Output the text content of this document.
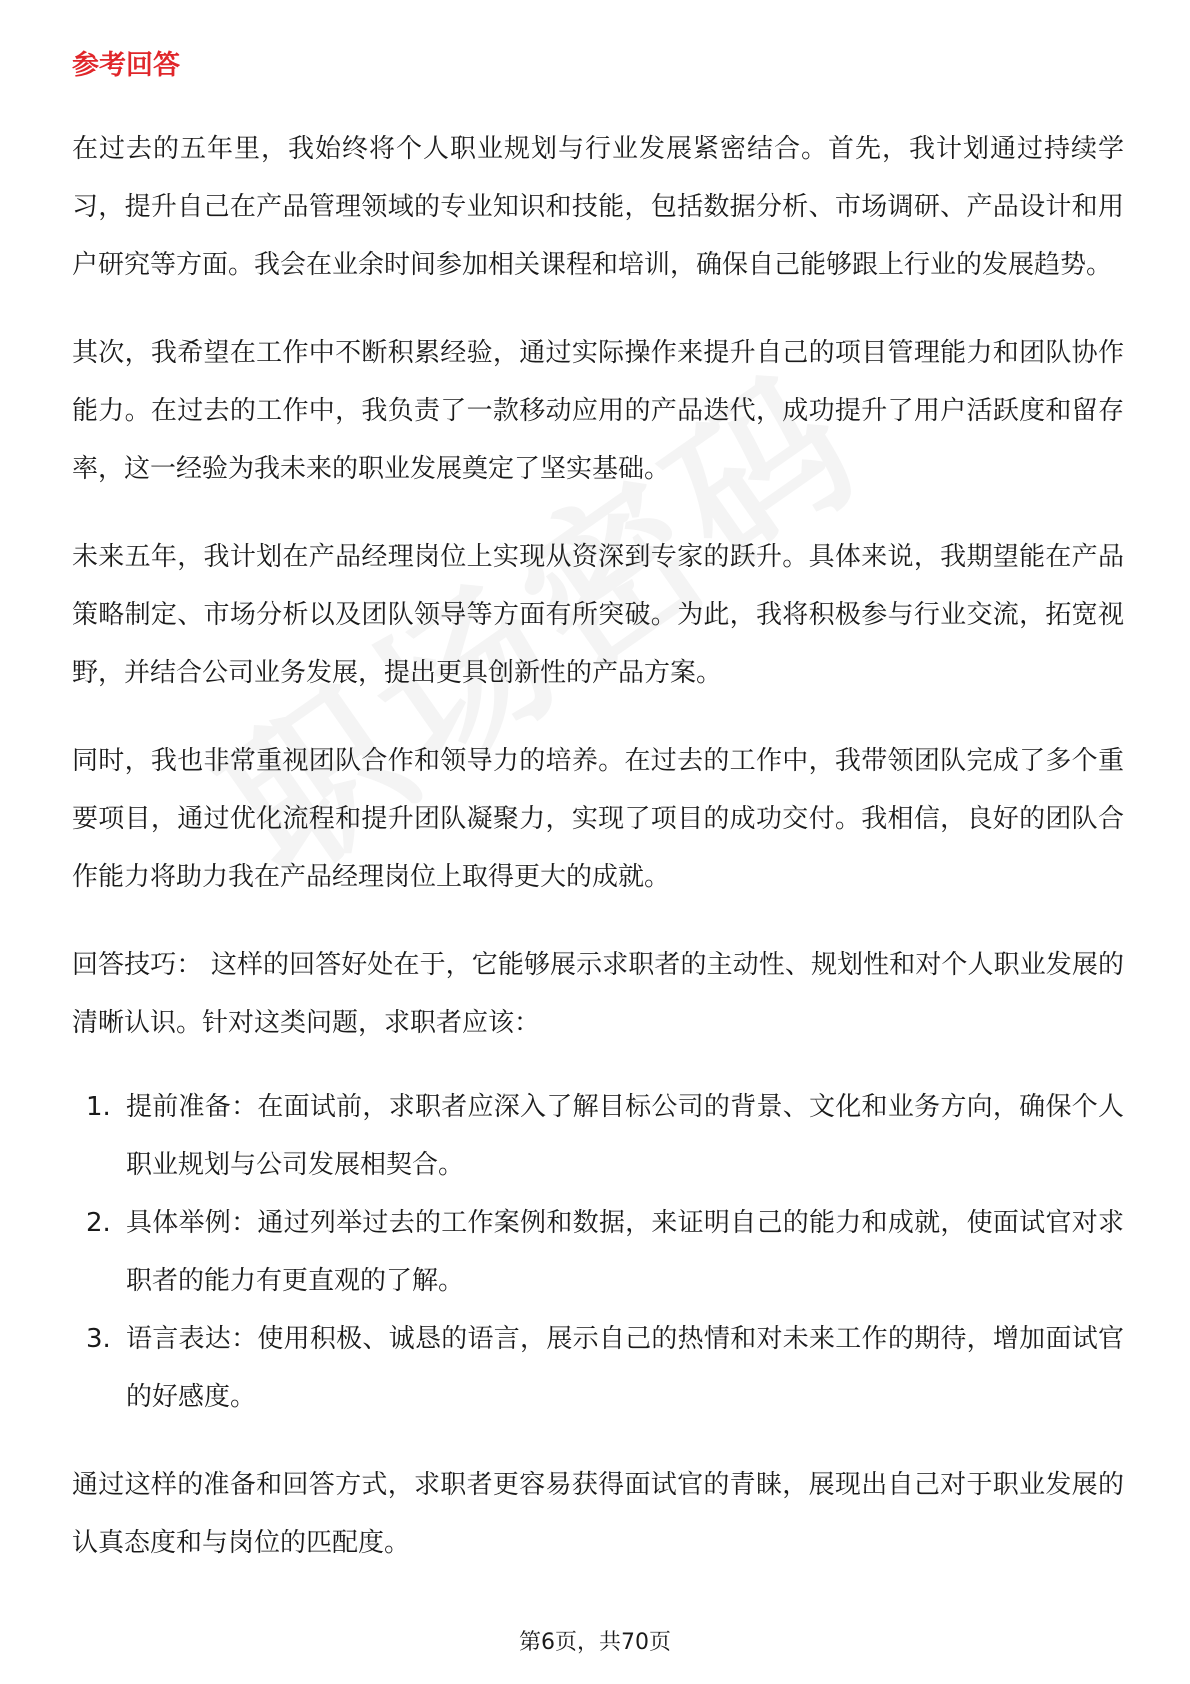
参考回答

在过去的五年里，我始终将个人职业规划与行业发展紧密结合。首先，我计划通过持续学习，提升自己在产品管理领域的专业知识和技能，包括数据分析、市场调研、产品设计和用户研究等方面。我会在业余时间参加相关课程和培训，确保自己能够跟上行业的发展趋势。

其次，我希望在工作中不断积累经验，通过实际操作来提升自己的项目管理能力和团队协作能力。在过去的工作中，我负责了一款移动应用的产品迭代，成功提升了用户活跃度和留存率，这一经验为我未来的职业发展奠定了坚实基础。

未来五年，我计划在产品经理岗位上实现从资深到专家的跃升。具体来说，我期望能在产品策略制定、市场分析以及团队领导等方面有所突破。为此，我将积极参与行业交流，拓宽视野，并结合公司业务发展，提出更具创新性的产品方案。

同时，我也非常重视团队合作和领导力的培养。在过去的工作中，我带领团队完成了多个重要项目，通过优化流程和提升团队凝聚力，实现了项目的成功交付。我相信，良好的团队合作能力将助力我在产品经理岗位上取得更大的成就。

回答技巧： 这样的回答好处在于，它能够展示求职者的主动性、规划性和对个人职业发展的清晰认识。针对这类问题，求职者应该：

1. 提前准备：在面试前，求职者应深入了解目标公司的背景、文化和业务方向，确保个人职业规划与公司发展相契合。
2. 具体举例：通过列举过去的工作案例和数据，来证明自己的能力和成就，使面试官对求职者的能力有更直观的了解。
3. 语言表达：使用积极、诚恳的语言，展示自己的热情和对未来工作的期待，增加面试官的好感度。

通过这样的准备和回答方式，求职者更容易获得面试官的青睐，展现出自己对于职业发展的认真态度和与岗位的匹配度。

第6页，共70页
